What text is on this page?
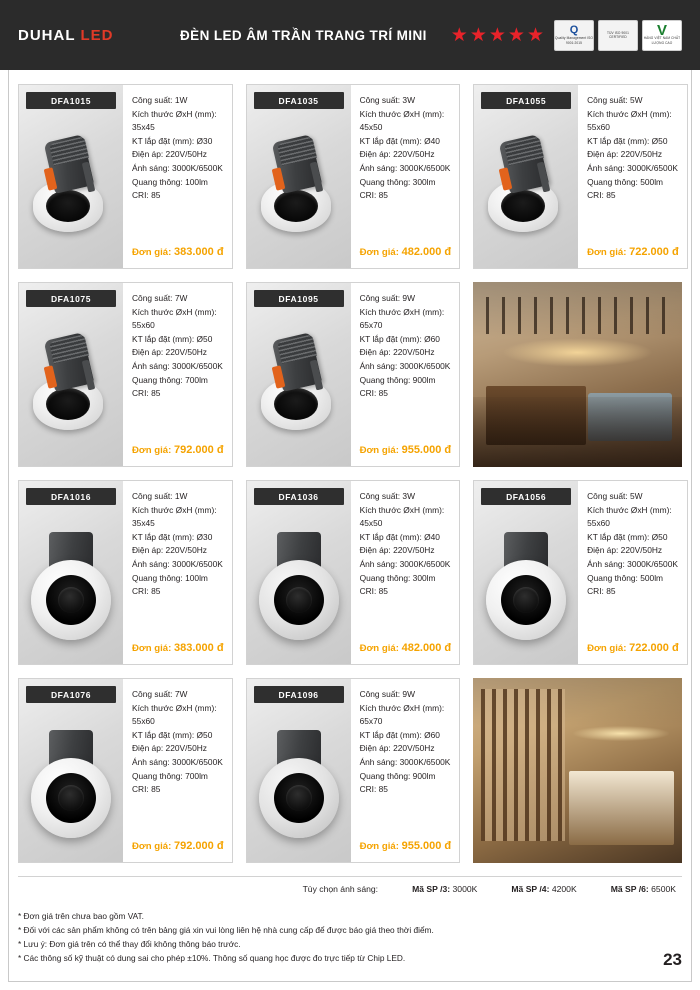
DUHAL LED	ĐÈN LED ÂM TRẦN TRANG TRÍ MINI	★ ★ ★ ★ ★ Q
Quality Management ISO 9001:2015
TÜV ISO 9001 CERTIFIED	V
HÀNG VIỆT NAM CHẤT LƯỢNG CAO
DFA1015	Công suất: 1W
Kích thước ØxH (mm):
35x45
KT lắp đặt (mm): Ø30
Điện áp: 220V/50Hz
Ánh sáng: 3000K/6500K
Quang thông: 100lm
CRI: 85
Đơn giá: 383.000 đ
DFA1035	Công suất: 3W
Kích thước ØxH (mm):
45x50
KT lắp đặt (mm): Ø40
Điện áp: 220V/50Hz
Ánh sáng: 3000K/6500K
Quang thông: 300lm
CRI: 85
Đơn giá: 482.000 đ
DFA1055	Công suất: 5W
Kích thước ØxH (mm):
55x60
KT lắp đặt (mm): Ø50
Điện áp: 220V/50Hz
Ánh sáng: 3000K/6500K
Quang thông: 500lm
CRI: 85
Đơn giá: 722.000 đ
DFA1075	Công suất: 7W
Kích thước ØxH (mm):
55x60
KT lắp đặt (mm): Ø50
Điện áp: 220V/50Hz
Ánh sáng: 3000K/6500K
Quang thông: 700lm
CRI: 85
Đơn giá: 792.000 đ
DFA1095	Công suất: 9W
Kích thước ØxH (mm):
65x70
KT lắp đặt (mm): Ø60
Điện áp: 220V/50Hz
Ánh sáng: 3000K/6500K
Quang thông: 900lm
CRI: 85
Đơn giá: 955.000 đ
DFA1016	Công suất: 1W
Kích thước ØxH (mm):
35x45
KT lắp đặt (mm): Ø30
Điện áp: 220V/50Hz
Ánh sáng: 3000K/6500K
Quang thông: 100lm
CRI: 85
Đơn giá: 383.000 đ
DFA1036	Công suất: 3W
Kích thước ØxH (mm):
45x50
KT lắp đặt (mm): Ø40
Điện áp: 220V/50Hz
Ánh sáng: 3000K/6500K
Quang thông: 300lm
CRI: 85
Đơn giá: 482.000 đ
DFA1056	Công suất: 5W
Kích thước ØxH (mm):
55x60
KT lắp đặt (mm): Ø50
Điện áp: 220V/50Hz
Ánh sáng: 3000K/6500K
Quang thông: 500lm
CRI: 85
Đơn giá: 722.000 đ
DFA1076	Công suất: 7W
Kích thước ØxH (mm):
55x60
KT lắp đặt (mm): Ø50
Điện áp: 220V/50Hz
Ánh sáng: 3000K/6500K
Quang thông: 700lm
CRI: 85
Đơn giá: 792.000 đ
DFA1096	Công suất: 9W
Kích thước ØxH (mm):
65x70
KT lắp đặt (mm): Ø60
Điện áp: 220V/50Hz
Ánh sáng: 3000K/6500K
Quang thông: 900lm
CRI: 85
Đơn giá: 955.000 đ
Tùy chọn ánh sáng:	Mã SP /3: 3000K	Mã SP /4: 4200K	Mã SP /6: 6500K
* Đơn giá trên chưa bao gồm VAT.
* Đối với các sản phẩm không có trên bảng giá xin vui lòng liên hệ nhà cung cấp để được báo giá theo thời điểm.
* Lưu ý: Đơn giá trên có thể thay đổi không thông báo trước.
* Các thông số kỹ thuật có dung sai cho phép ±10%. Thông số quang học được đo trực tiếp từ Chip LED.	23
